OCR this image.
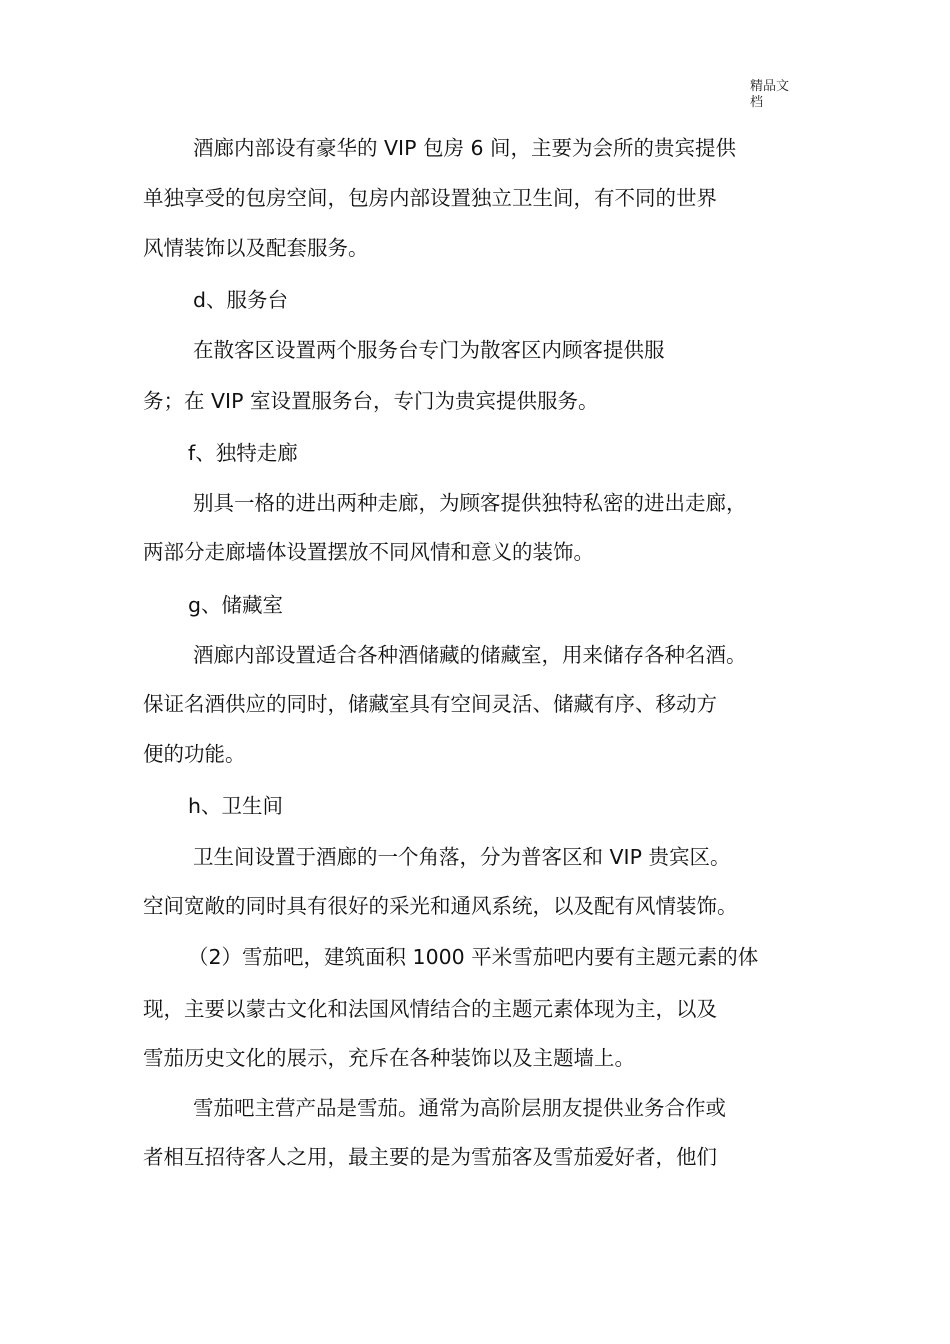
精品文
档
酒廊内部设有豪华的 VIP 包房 6 间，主要为会所的贵宾提供
单独享受的包房空间，包房内部设置独立卫生间，有不同的世界
风情装饰以及配套服务。
d、服务台
在散客区设置两个服务台专门为散客区内顾客提供服
务；在 VIP 室设置服务台，专门为贵宾提供服务。
f、独特走廊
别具一格的进出两种走廊，为顾客提供独特私密的进出走廊，
两部分走廊墙体设置摆放不同风情和意义的装饰。
g、储藏室
酒廊内部设置适合各种酒储藏的储藏室，用来储存各种名酒。
保证名酒供应的同时，储藏室具有空间灵活、储藏有序、移动方
便的功能。
h、卫生间
卫生间设置于酒廊的一个角落，分为普客区和 VIP 贵宾区。
空间宽敞的同时具有很好的采光和通风系统，以及配有风情装饰。
（2）雪茄吧，建筑面积 1000 平米雪茄吧内要有主题元素的体
现，主要以蒙古文化和法国风情结合的主题元素体现为主，以及
雪茄历史文化的展示，充斥在各种装饰以及主题墙上。
雪茄吧主营产品是雪茄。通常为高阶层朋友提供业务合作或
者相互招待客人之用，最主要的是为雪茄客及雪茄爱好者，他们
